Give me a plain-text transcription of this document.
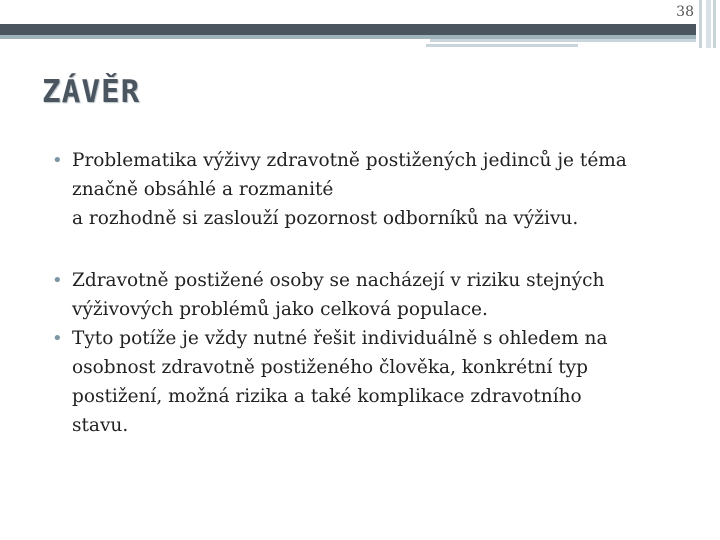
38
ZÁVĚR
• Problematika výživy zdravotně postižených jedinců je téma
značně obsáhlé a rozmanité
a rozhodně si zaslouží pozornost odborníků na výživu.
• Zdravotně postižené osoby se nacházejí v riziku stejných
výživových problémů jako celková populace.
• Tyto potíže je vždy nutné řešit individuálně s ohledem na
osobnost zdravotně postiženého člověka, konkrétní typ
postižení, možná rizika a také komplikace zdravotního
stavu.
